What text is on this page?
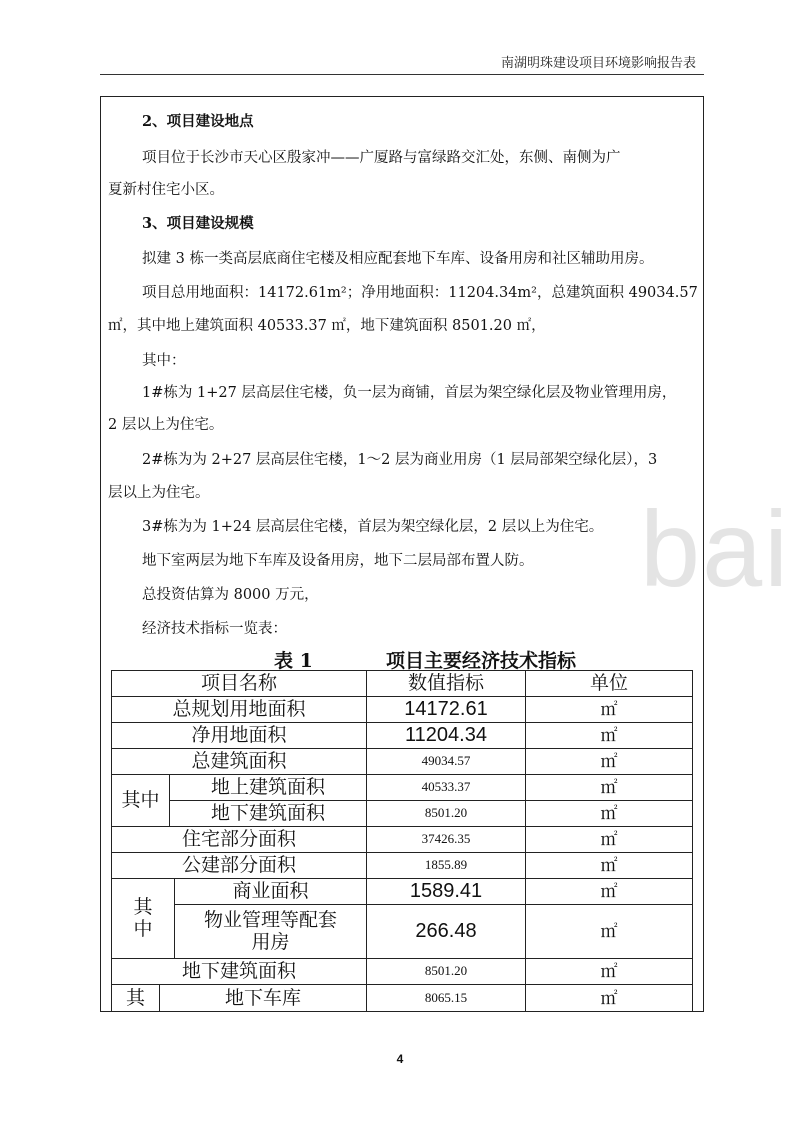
bai
南湖明珠建设项目环境影响报告表
2、项目建设地点
项目位于长沙市天心区殷家冲——广厦路与富绿路交汇处，东侧、南侧为广
夏新村住宅小区。
3、项目建设规模
拟建 3 栋一类高层底商住宅楼及相应配套地下车库、设备用房和社区辅助用房。
项目总用地面积：14172.61m²；净用地面积：11204.34m²，总建筑面积 49034.57
㎡，其中地上建筑面积 40533.37 ㎡，地下建筑面积 8501.20 ㎡，
其中：
1#栋为 1+27 层高层住宅楼，负一层为商铺，首层为架空绿化层及物业管理用房，
2 层以上为住宅。
2#栋为为 2+27 层高层住宅楼，1～2 层为商业用房（1 层局部架空绿化层），3
层以上为住宅。
3#栋为为 1+24 层高层住宅楼，首层为架空绿化层，2 层以上为住宅。
地下室两层为地下车库及设备用房，地下二层局部布置人防。
总投资估算为 8000 万元，
经济技术指标一览表：
表 1	项目主要经济技术指标
项目名称	数值指标	单位
总规划用地面积	14172.61	㎡
净用地面积	11204.34	㎡
总建筑面积	49034.57	㎡
其中
地上建筑面积	40533.37	㎡
地下建筑面积	8501.20	㎡
住宅部分面积	37426.35	㎡
公建部分面积	1855.89	㎡
其
中
商业面积	1589.41	㎡
物业管理等配套
用房	266.48	㎡
地下建筑面积	8501.20	㎡
其	地下车库	8065.15	㎡
4
